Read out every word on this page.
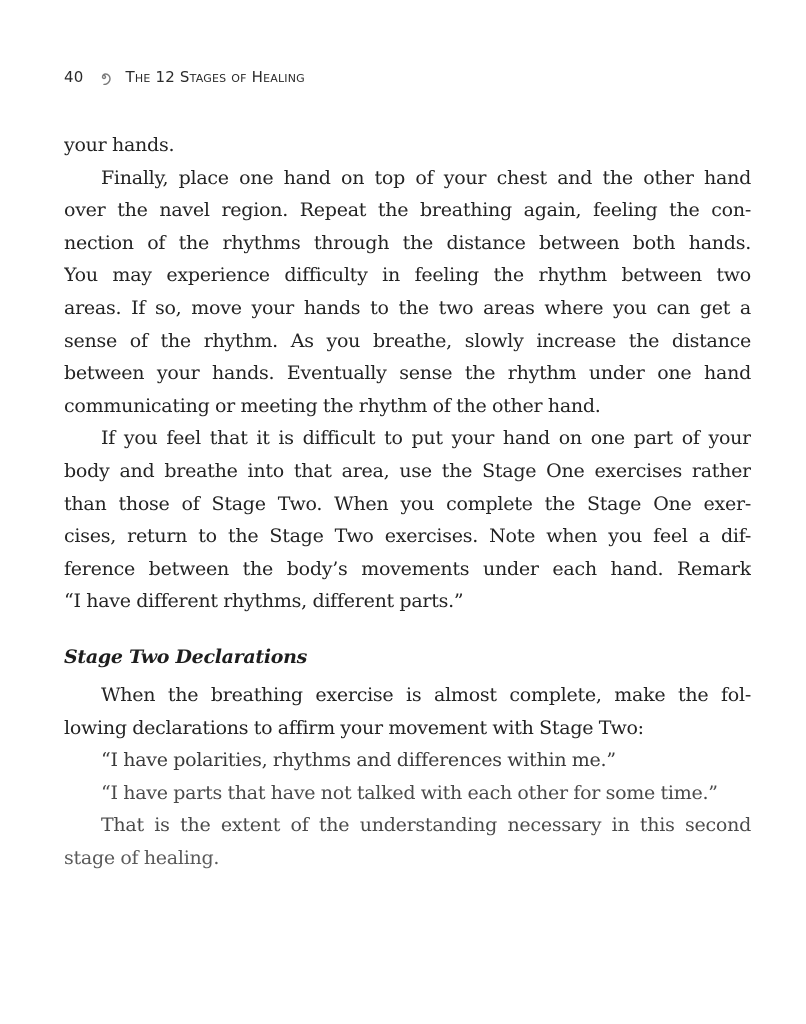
40	The 12 Stages of Healing
your hands.
Finally, place one hand on top of your chest and the other hand
over the navel region. Repeat the breathing again, feeling the con-
nection of the rhythms through the distance between both hands.
You may experience difficulty in feeling the rhythm between two
areas. If so, move your hands to the two areas where you can get a
sense of the rhythm. As you breathe, slowly increase the distance
between your hands. Eventually sense the rhythm under one hand
communicating or meeting the rhythm of the other hand.
If you feel that it is difficult to put your hand on one part of your
body and breathe into that area, use the Stage One exercises rather
than those of Stage Two. When you complete the Stage One exer-
cises, return to the Stage Two exercises. Note when you feel a dif-
ference between the body’s movements under each hand. Remark
“I have different rhythms, different parts.”
Stage Two Declarations
When the breathing exercise is almost complete, make the fol-
lowing declarations to affirm your movement with Stage Two:
“I have polarities, rhythms and differences within me.”
“I have parts that have not talked with each other for some time.”
That is the extent of the understanding necessary in this second
stage of healing.
